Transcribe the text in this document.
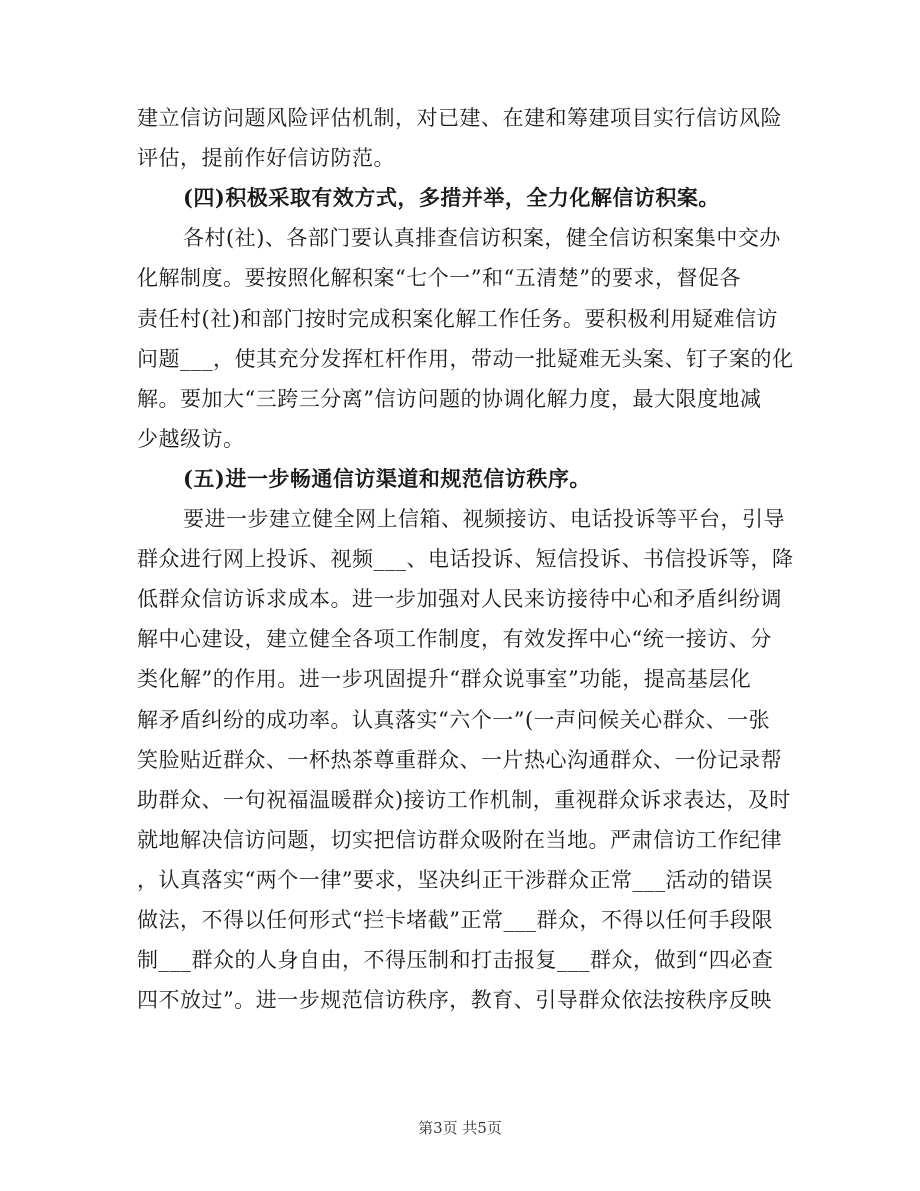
建立信访问题风险评估机制，对已建、在建和筹建项目实行信访风险
评估，提前作好信访防范。
(四)积极采取有效方式，多措并举，全力化解信访积案。
各村(社)、各部门要认真排查信访积案，健全信访积案集中交办
化解制度。要按照化解积案“七个一”和“五清楚”的要求，督促各
责任村(社)和部门按时完成积案化解工作任务。要积极利用疑难信访
问题___，使其充分发挥杠杆作用，带动一批疑难无头案、钉子案的化
解。要加大“三跨三分离”信访问题的协调化解力度，最大限度地减
少越级访。
(五)进一步畅通信访渠道和规范信访秩序。
要进一步建立健全网上信箱、视频接访、电话投诉等平台，引导
群众进行网上投诉、视频___、电话投诉、短信投诉、书信投诉等，降
低群众信访诉求成本。进一步加强对人民来访接待中心和矛盾纠纷调
解中心建设，建立健全各项工作制度，有效发挥中心“统一接访、分
类化解”的作用。进一步巩固提升“群众说事室”功能，提高基层化
解矛盾纠纷的成功率。认真落实“六个一”(一声问候关心群众、一张
笑脸贴近群众、一杯热茶尊重群众、一片热心沟通群众、一份记录帮
助群众、一句祝福温暖群众)接访工作机制，重视群众诉求表达，及时
就地解决信访问题，切实把信访群众吸附在当地。严肃信访工作纪律
，认真落实“两个一律”要求，坚决纠正干涉群众正常___活动的错误
做法，不得以任何形式“拦卡堵截”正常___群众，不得以任何手段限
制___群众的人身自由，不得压制和打击报复___群众，做到“四必查
四不放过”。进一步规范信访秩序，教育、引导群众依法按秩序反映
第3页 共5页
